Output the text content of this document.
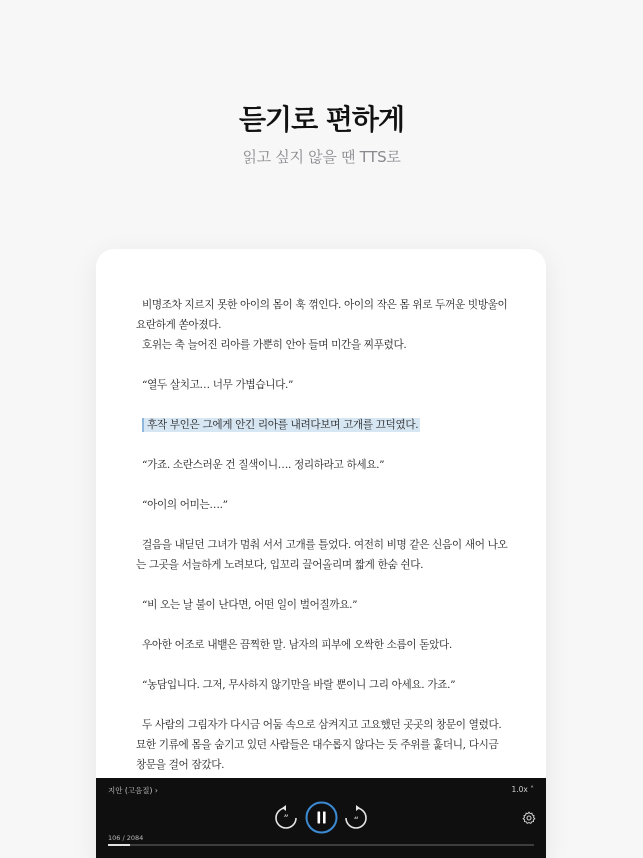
듣기로 편하게
읽고 싶지 않을 땐 TTS로
비명조차 지르지 못한 아이의 몸이 훅 꺾인다. 아이의 작은 몸 위로 두꺼운 빗방울이 요란하게 쏟아졌다.
호위는 축 늘어진 리아를 가뿐히 안아 들며 미간을 찌푸렸다.
“열두 살치고… 너무 가볍습니다.”
후작 부인은 그에게 안긴 리아를 내려다보며 고개를 끄덕였다.
“가죠. 소란스러운 건 질색이니…. 정리하라고 하세요.”
“아이의 어미는….”
걸음을 내딛던 그녀가 멈춰 서서 고개를 틀었다. 여전히 비명 같은 신음이 새어 나오는 그곳을 서늘하게 노려보다, 입꼬리 끌어올리며 짧게 한숨 쉰다.
“비 오는 날 불이 난다면, 어떤 일이 벌어질까요.”
우아한 어조로 내뱉은 끔찍한 말. 남자의 피부에 오싹한 소름이 돋았다.
“농담입니다. 그저, 무사하지 않기만을 바랄 뿐이니 그리 아세요. 가죠.”
두 사람의 그림자가 다시금 어둠 속으로 삼켜지고 고요했던 곳곳의 창문이 열렸다. 묘한 기류에 몸을 숨기고 있던 사람들은 대수롭지 않다는 듯 주위를 훑더니, 다시금 창문을 걸어 잠갔다.
지안 (고음질) ›	1.0x ˄
”	“
106 / 2084
